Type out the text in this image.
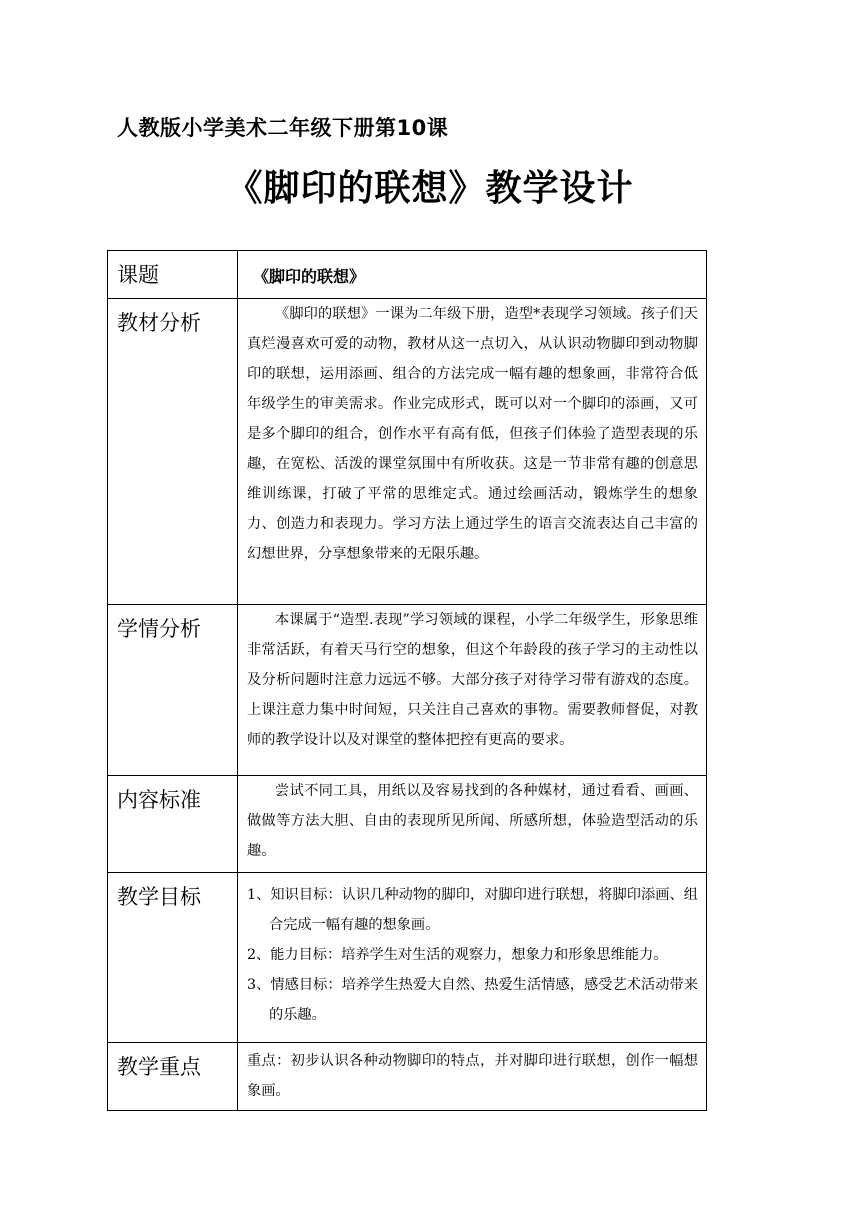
人教版小学美术二年级下册第10课
《脚印的联想》教学设计
课题	《脚印的联想》

教材分析	《脚印的联想》一课为二年级下册，造型*表现学习领域。孩子们天真烂漫喜欢可爱的动物，教材从这一点切入，从认识动物脚印到动物脚印的联想，运用添画、组合的方法完成一幅有趣的想象画，非常符合低年级学生的审美需求。作业完成形式，既可以对一个脚印的添画，又可是多个脚印的组合，创作水平有高有低，但孩子们体验了造型表现的乐趣，在宽松、活泼的课堂氛围中有所收获。这是一节非常有趣的创意思维训练课，打破了平常的思维定式。通过绘画活动，锻炼学生的想象力、创造力和表现力。学习方法上通过学生的语言交流表达自己丰富的幻想世界，分享想象带来的无限乐趣。

学情分析	本课属于“造型.表现”学习领域的课程，小学二年级学生，形象思维非常活跃，有着天马行空的想象，但这个年龄段的孩子学习的主动性以及分析问题时注意力远远不够。大部分孩子对待学习带有游戏的态度。上课注意力集中时间短，只关注自己喜欢的事物。需要教师督促，对教师的教学设计以及对课堂的整体把控有更高的要求。

内容标准	尝试不同工具，用纸以及容易找到的各种媒材，通过看看、画画、做做等方法大胆、自由的表现所见所闻、所感所想，体验造型活动的乐趣。

教学目标	1、知识目标：认识几种动物的脚印，对脚印进行联想，将脚印添画、组合完成一幅有趣的想象画。

2、能力目标：培养学生对生活的观察力，想象力和形象思维能力。

3、情感目标：培养学生热爱大自然、热爱生活情感，感受艺术活动带来的乐趣。

教学重点	重点：初步认识各种动物脚印的特点，并对脚印进行联想，创作一幅想象画。
